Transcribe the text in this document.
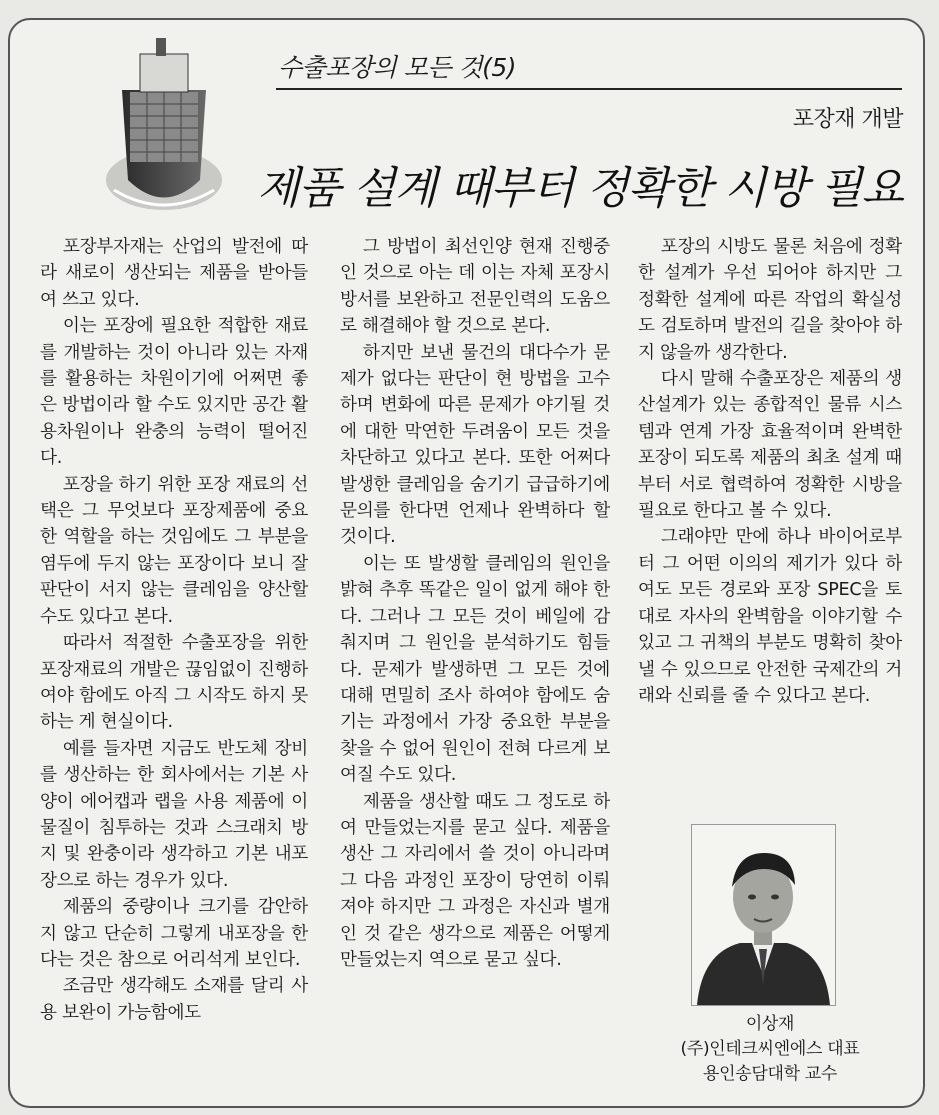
수출포장의 모든 것(5)
포장재 개발
제품 설계 때부터 정확한 시방 필요

포장부자재는 산업의 발전에 따라 새로이 생산되는 제품을 받아들여 쓰고 있다.

이는 포장에 필요한 적합한 재료를 개발하는 것이 아니라 있는 자재를 활용하는 차원이기에 어쩌면 좋은 방법이라 할 수도 있지만 공간 활용차원이나 완충의 능력이 떨어진다.

포장을 하기 위한 포장 재료의 선택은 그 무엇보다 포장제품에 중요한 역할을 하는 것임에도 그 부분을 염두에 두지 않는 포장이다 보니 잘 판단이 서지 않는 클레임을 양산할 수도 있다고 본다.

따라서 적절한 수출포장을 위한 포장재료의 개발은 끊임없이 진행하여야 함에도 아직 그 시작도 하지 못하는 게 현실이다.

예를 들자면 지금도 반도체 장비를 생산하는 한 회사에서는 기본 사양이 에어캡과 랩을 사용 제품에 이물질이 침투하는 것과 스크래치 방지 및 완충이라 생각하고 기본 내포장으로 하는 경우가 있다.

제품의 중량이나 크기를 감안하지 않고 단순히 그렇게 내포장을 한다는 것은 참으로 어리석게 보인다.

조금만 생각해도 소재를 달리 사용 보완이 가능함에도

그 방법이 최선인양 현재 진행중인 것으로 아는 데 이는 자체 포장시방서를 보완하고 전문인력의 도움으로 해결해야 할 것으로 본다.

하지만 보낸 물건의 대다수가 문제가 없다는 판단이 현 방법을 고수하며 변화에 따른 문제가 야기될 것에 대한 막연한 두려움이 모든 것을 차단하고 있다고 본다. 또한 어쩌다 발생한 클레임을 숨기기 급급하기에 문의를 한다면 언제나 완벽하다 할 것이다.

이는 또 발생할 클레임의 원인을 밝혀 추후 똑같은 일이 없게 해야 한다. 그러나 그 모든 것이 베일에 감춰지며 그 원인을 분석하기도 힘들다. 문제가 발생하면 그 모든 것에 대해 면밀히 조사 하여야 함에도 숨기는 과정에서 가장 중요한 부분을 찾을 수 없어 원인이 전혀 다르게 보여질 수도 있다.

제품을 생산할 때도 그 정도로 하여 만들었는지를 묻고 싶다. 제품을 생산 그 자리에서 쓸 것이 아니라며 그 다음 과정인 포장이 당연히 이뤄져야 하지만 그 과정은 자신과 별개인 것 같은 생각으로 제품은 어떻게 만들었는지 역으로 묻고 싶다.

포장의 시방도 물론 처음에 정확한 설계가 우선 되어야 하지만 그 정확한 설계에 따른 작업의 확실성도 검토하며 발전의 길을 찾아야 하지 않을까 생각한다.

다시 말해 수출포장은 제품의 생산설계가 있는 종합적인 물류 시스템과 연계 가장 효율적이며 완벽한 포장이 되도록 제품의 최초 설계 때부터 서로 협력하여 정확한 시방을 필요로 한다고 볼 수 있다.

그래야만 만에 하나 바이어로부터 그 어떤 이의의 제기가 있다 하여도 모든 경로와 포장 SPEC을 토대로 자사의 완벽함을 이야기할 수 있고 그 귀책의 부분도 명확히 찾아낼 수 있으므로 안전한 국제간의 거래와 신뢰를 줄 수 있다고 본다.

이상재
(주)인테크씨엔에스 대표
용인송담대학 교수
